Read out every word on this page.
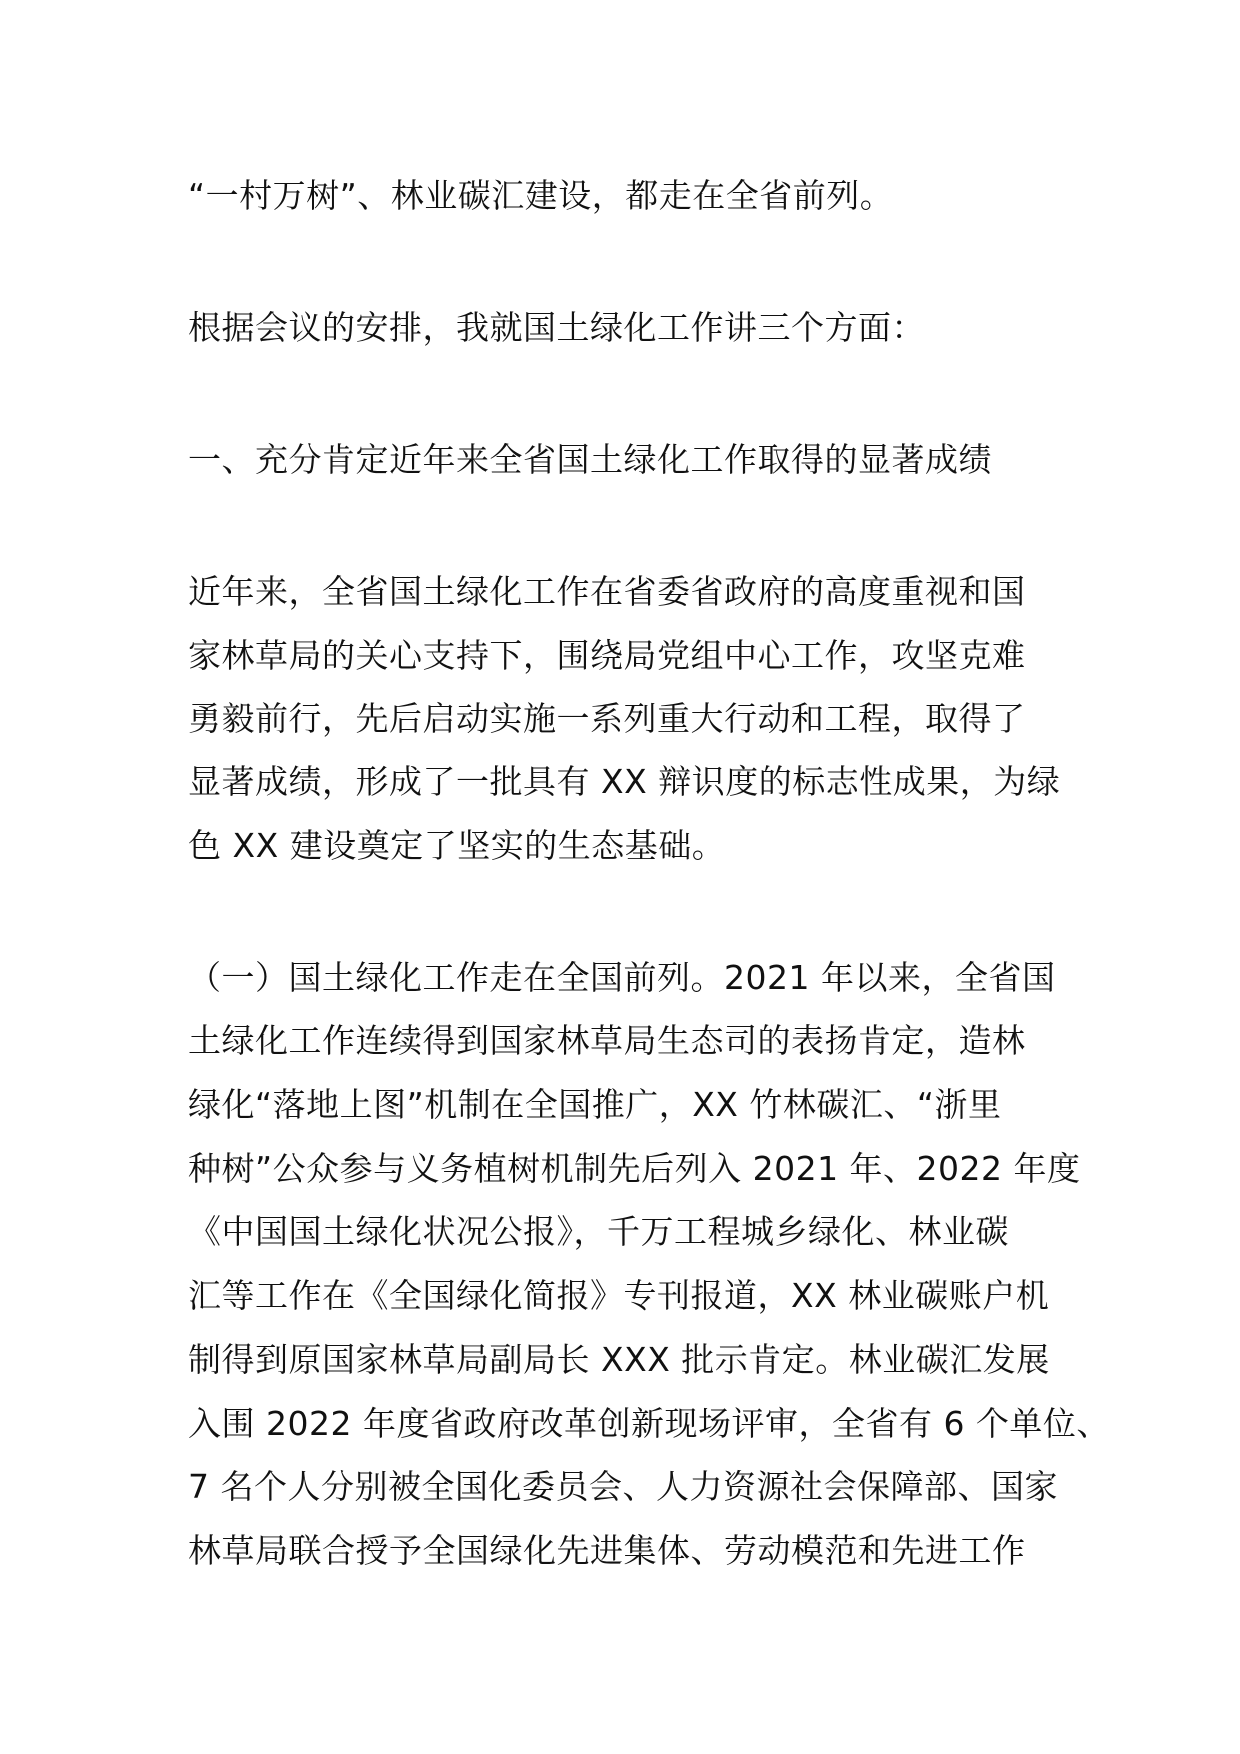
“一村万树”、林业碳汇建设，都走在全省前列。
根据会议的安排，我就国土绿化工作讲三个方面：
一、充分肯定近年来全省国土绿化工作取得的显著成绩
近年来，全省国土绿化工作在省委省政府的高度重视和国
家林草局的关心支持下，围绕局党组中心工作，攻坚克难
勇毅前行，先后启动实施一系列重大行动和工程，取得了
显著成绩，形成了一批具有 XX 辩识度的标志性成果，为绿
色 XX 建设奠定了坚实的生态基础。
（一）国土绿化工作走在全国前列。2021 年以来，全省国
土绿化工作连续得到国家林草局生态司的表扬肯定，造林
绿化“落地上图”机制在全国推广，XX 竹林碳汇、“浙里
种树”公众参与义务植树机制先后列入 2021 年、2022 年度
《中国国土绿化状况公报》，千万工程城乡绿化、林业碳
汇等工作在《全国绿化简报》专刊报道，XX 林业碳账户机
制得到原国家林草局副局长 XXX 批示肯定。林业碳汇发展
入围 2022 年度省政府改革创新现场评审，全省有 6 个单位、
7 名个人分别被全国化委员会、人力资源社会保障部、国家
林草局联合授予全国绿化先进集体、劳动模范和先进工作
